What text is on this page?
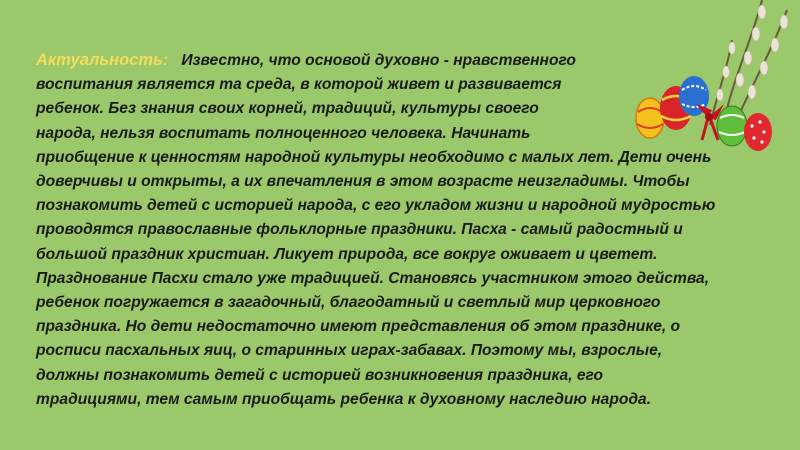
Актуальность: Известно, что основой духовно - нравственного
воспитания является та среда, в которой живет и развивается
ребенок. Без знания своих корней, традиций, культуры своего
народа, нельзя воспитать полноценного человека. Начинать
приобщение к ценностям народной культуры необходимо с малых лет. Дети очень
доверчивы и открыты, а их впечатления в этом возрасте неизгладимы. Чтобы
познакомить детей с историей народа, с его укладом жизни и народной мудростью
проводятся православные фольклорные праздники. Пасха - самый радостный и
большой праздник христиан. Ликует природа, все вокруг оживает и цветет.
Празднование Пасхи стало уже традицией. Становясь участником этого действа,
ребенок погружается в загадочный, благодатный и светлый мир церковного
праздника. Но дети недостаточно имеют представления об этом празднике, о
росписи пасхальных яиц, о старинных играх-забавах. Поэтому мы, взрослые,
должны познакомить детей с историей возникновения праздника, его
традициями, тем самым приобщать ребенка к духовному наследию народа.
